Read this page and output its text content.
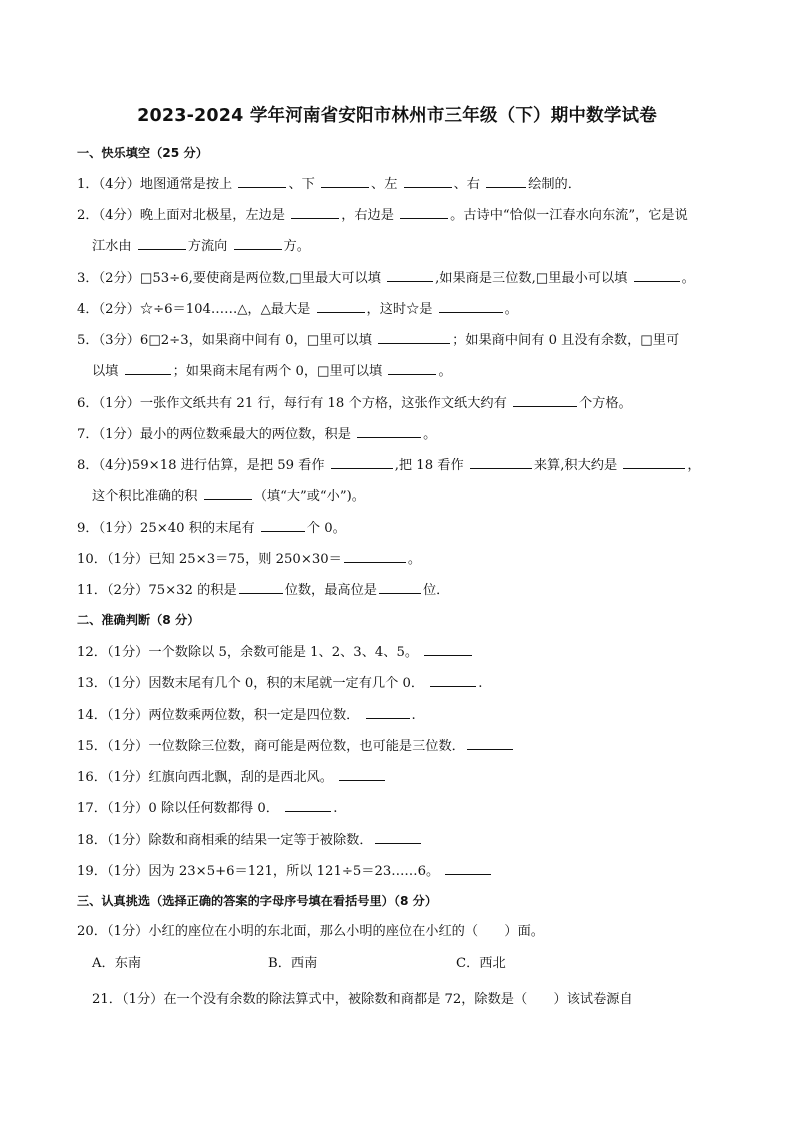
2023-2024 学年河南省安阳市林州市三年级（下）期中数学试卷
一、快乐填空（25 分）
1．（4分）地图通常是按上	、下	、左	、右	绘制的．
2．（4分）晚上面对北极星，左边是	，右边是	。古诗中“恰似一江春水向东流”，它是说
江水由	方流向	方。
3．（2分）□53÷6,要使商是两位数,□里最大可以填	,如果商是三位数,□里最小可以填	。
4．（2分）☆÷6＝104……△，△最大是	，这时☆是	。
5．（3分）6□2÷3，如果商中间有 0，□里可以填	；如果商中间有 0 且没有余数，□里可
以填	；如果商末尾有两个 0，□里可以填	。
6．（1分）一张作文纸共有 21 行，每行有 18 个方格，这张作文纸大约有	个方格。
7．（1分）最小的两位数乘最大的两位数，积是	。
8．（4分)59×18 进行估算，是把 59 看作	,把 18 看作	来算,积大约是	，
这个积比准确的积	（填“大”或“小”)。
9．（1分）25×40 积的末尾有	个 0。
10．（1分）已知 25×3＝75，则 250×30＝	。
11．（2分）75×32 的积是	位数，最高位是	位．
二、准确判断（8 分）
12．（1分）一个数除以 5，余数可能是 1、2、3、4、5。
13．（1分）因数末尾有几个 0，积的末尾就一定有几个 0．	.
14．（1分）两位数乘两位数，积一定是四位数．	.
15．（1分）一位数除三位数，商可能是两位数，也可能是三位数．
16．（1分）红旗向西北飘，刮的是西北风。
17．（1分）0 除以任何数都得 0．	.
18．（1分）除数和商相乘的结果一定等于被除数．
19．（1分）因为 23×5+6＝121，所以 121÷5＝23……6。
三、认真挑选（选择正确的答案的字母序号填在看括号里）（8 分）
20．（1分）小红的座位在小明的东北面，那么小明的座位在小红的（　　）面。
A．东南	B．西南	C．西北
21．（1分）在一个没有余数的除法算式中，被除数和商都是 72，除数是（　　）该试卷源自
